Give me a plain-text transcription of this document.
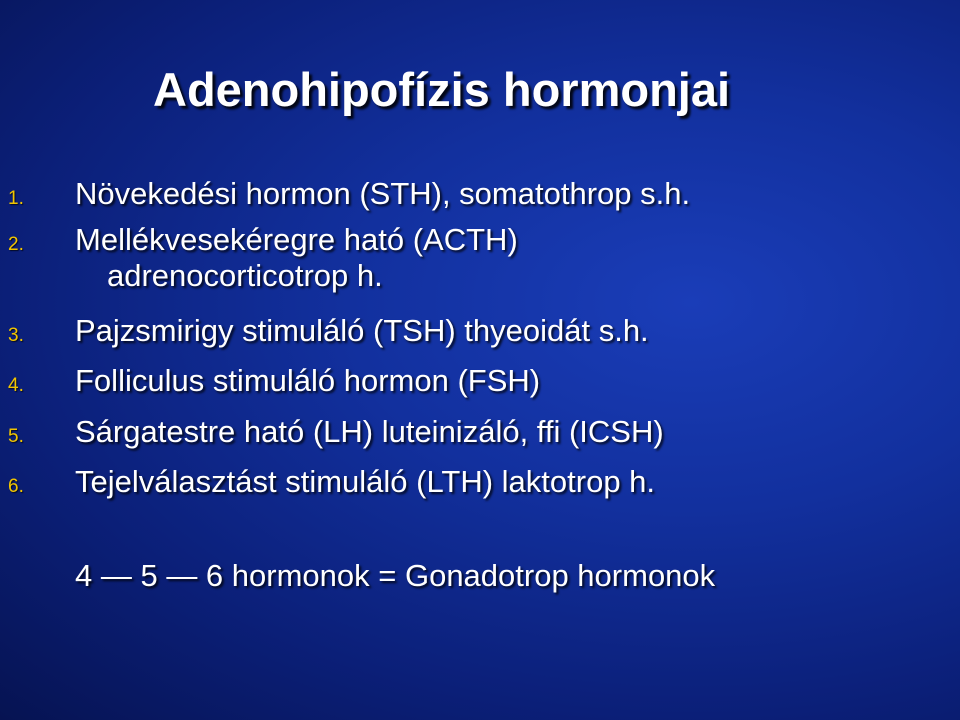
Adenohipofízis hormonjai
1. Növekedési hormon (STH), somatothrop s.h.
2. Mellékvesekéregre ható (ACTH)
adrenocorticotrop h.
3. Pajzsmirigy stimuláló (TSH) thyeoidát s.h.
4. Folliculus stimuláló hormon (FSH)
5. Sárgatestre ható (LH) luteinizáló, ffi (ICSH)
6. Tejelválasztást stimuláló (LTH) laktotrop h.
4 — 5 — 6 hormonok = Gonadotrop hormonok
